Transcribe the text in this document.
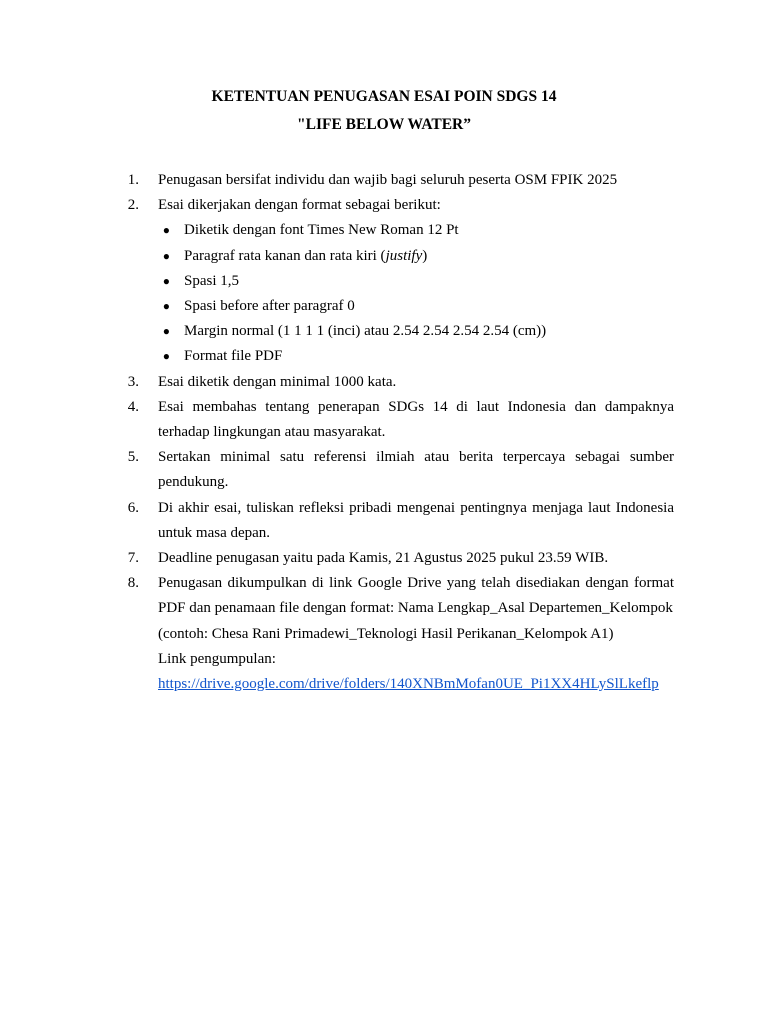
KETENTUAN PENUGASAN ESAI POIN SDGS 14
"LIFE BELOW WATER”
1.	Penugasan bersifat individu dan wajib bagi seluruh peserta OSM FPIK 2025
2.	Esai dikerjakan dengan format sebagai berikut:
● Diketik dengan font Times New Roman 12 Pt
● Paragraf rata kanan dan rata kiri (justify)
● Spasi 1,5
● Spasi before after paragraf 0
● Margin normal (1 1 1 1 (inci) atau 2.54 2.54 2.54 2.54 (cm))
● Format file PDF
3.	Esai diketik dengan minimal 1000 kata.
4.	Esai membahas tentang penerapan SDGs 14 di laut Indonesia dan dampaknya terhadap lingkungan atau masyarakat.
5.	Sertakan minimal satu referensi ilmiah atau berita terpercaya sebagai sumber pendukung.
6.	Di akhir esai, tuliskan refleksi pribadi mengenai pentingnya menjaga laut Indonesia untuk masa depan.
7.	Deadline penugasan yaitu pada Kamis, 21 Agustus 2025 pukul 23.59 WIB.
8. Penugasan dikumpulkan di link Google Drive yang telah disediakan dengan format PDF dan penamaan file dengan format: Nama Lengkap_Asal Departemen_Kelompok
(contoh: Chesa Rani Primadewi_Teknologi Hasil Perikanan_Kelompok A1)
Link pengumpulan:
https://drive.google.com/drive/folders/140XNBmMofan0UE_Pi1XX4HLySlLkeflp
